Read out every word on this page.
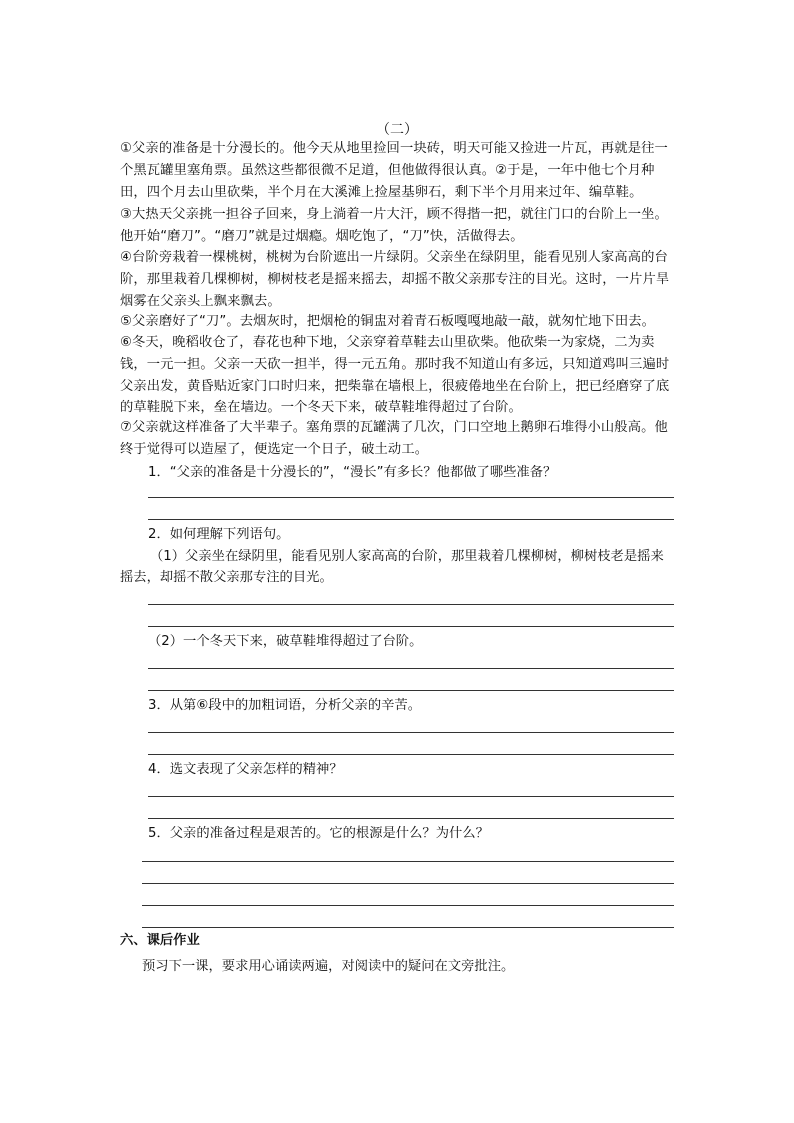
（二）

①父亲的准备是十分漫长的。他今天从地里捡回一块砖，明天可能又捡进一片瓦，再就是往一个黑瓦罐里塞角票。虽然这些都很微不足道，但他做得很认真。②于是，一年中他七个月种田，四个月去山里砍柴，半个月在大溪滩上捡屋基卵石，剩下半个月用来过年、编草鞋。

③大热天父亲挑一担谷子回来，身上淌着一片大汗，顾不得揩一把，就往门口的台阶上一坐。他开始“磨刀”。“磨刀”就是过烟瘾。烟吃饱了，“刀”快，活做得去。

④台阶旁栽着一棵桃树，桃树为台阶遮出一片绿阴。父亲坐在绿阴里，能看见别人家高高的台阶，那里栽着几棵柳树，柳树枝老是摇来摇去，却摇不散父亲那专注的目光。这时，一片片旱烟雾在父亲头上飘来飘去。

⑤父亲磨好了“刀”。去烟灰时，把烟枪的铜盅对着青石板嘎嘎地敲一敲，就匆忙地下田去。

⑥冬天，晚稻收仓了，春花也种下地，父亲穿着草鞋去山里砍柴。他砍柴一为家烧，二为卖钱，一元一担。父亲一天砍一担半，得一元五角。那时我不知道山有多远，只知道鸡叫三遍时父亲出发，黄昏贴近家门口时归来，把柴靠在墙根上，很疲倦地坐在台阶上，把已经磨穿了底的草鞋脱下来，垒在墙边。一个冬天下来，破草鞋堆得超过了台阶。

⑦父亲就这样准备了大半辈子。塞角票的瓦罐满了几次，门口空地上鹅卵石堆得小山般高。他终于觉得可以造屋了，便选定一个日子，破土动工。

1．“父亲的准备是十分漫长的”，“漫长”有多长？他都做了哪些准备？

2．如何理解下列语句。

（1）父亲坐在绿阴里，能看见别人家高高的台阶，那里栽着几棵柳树，柳树枝老是摇来摇去，却摇不散父亲那专注的目光。

（2）一个冬天下来，破草鞋堆得超过了台阶。

3．从第⑥段中的加粗词语，分析父亲的辛苦。

4．选文表现了父亲怎样的精神？

5．父亲的准备过程是艰苦的。它的根源是什么？为什么？

六、课后作业

预习下一课，要求用心诵读两遍，对阅读中的疑问在文旁批注。
